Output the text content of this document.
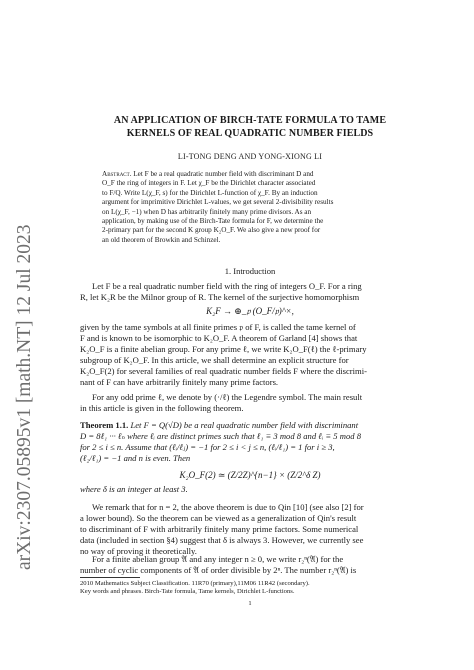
arXiv:2307.05895v1 [math.NT] 12 Jul 2023
AN APPLICATION OF BIRCH-TATE FORMULA TO TAME
KERNELS OF REAL QUADRATIC NUMBER FIELDS
LI-TONG DENG AND YONG-XIONG LI
Abstract. Let F be a real quadratic number field with discriminant D and
O_F the ring of integers in F. Let χ_F be the Dirichlet character associated
to F/Q. Write L(χ_F, s) for the Dirichlet L-function of χ_F. By an induction
argument for imprimitive Dirichlet L-values, we get several 2-divisibility results
on L(χ_F, −1) when D has arbitrarily finitely many prime divisors. As an
application, by making use of the Birch-Tate formula for F, we determine the
2-primary part for the second K group K₂O_F. We also give a new proof for
an old theorem of Browkin and Schinzel.
1. Introduction
Let F be a real quadratic number field with the ring of integers O_F. For a ring
R, let K₂R be the Milnor group of R. The kernel of the surjective homomorphism
K₂F → ⊕_𝔭 (O_F/𝔭)^×,
given by the tame symbols at all finite primes 𝔭 of F, is called the tame kernel of
F and is known to be isomorphic to K₂O_F. A theorem of Garland [4] shows that
K₂O_F is a finite abelian group. For any prime ℓ, we write K₂O_F(ℓ) the ℓ-primary
subgroup of K₂O_F. In this article, we shall determine an explicit structure for
K₂O_F(2) for several families of real quadratic number fields F where the discrimi-
nant of F can have arbitrarily finitely many prime factors.
For any odd prime ℓ, we denote by (·/ℓ) the Legendre symbol. The main result
in this article is given in the following theorem.
Theorem 1.1. Let F = Q(√D) be a real quadratic number field with discriminant
D = 8ℓ₁ ··· ℓₙ where ℓᵢ are distinct primes such that ℓ₁ ≡ 3 mod 8 and ℓᵢ ≡ 5 mod 8
for 2 ≤ i ≤ n. Assume that (ℓᵢ/ℓⱼ) = −1 for 2 ≤ i < j ≤ n, (ℓᵢ/ℓ₁) = 1 for i ≥ 3,
(ℓ₂/ℓ₁) = −1 and n is even. Then
K₂O_F(2) ≃ (Z/2Z)^{n−1} × (Z/2^δ Z)
where δ is an integer at least 3.
We remark that for n = 2, the above theorem is due to Qin [10] (see also [2] for
a lower bound). So the theorem can be viewed as a generalization of Qin's result
to discriminant of F with arbitrarily finitely many prime factors. Some numerical
data (included in section §4) suggest that δ is always 3. However, we currently see
no way of proving it theoretically.
For a finite abelian group 𝔄 and any integer n ≥ 0, we write r₂ⁿ(𝔄) for the
number of cyclic components of 𝔄 of order divisible by 2ⁿ. The number r₂ⁿ(𝔄) is
2010 Mathematics Subject Classification. 11R70 (primary),11M06 11R42 (secondary).
Key words and phrases. Birch-Tate formula, Tame kernels, Dirichlet L-functions.
1
